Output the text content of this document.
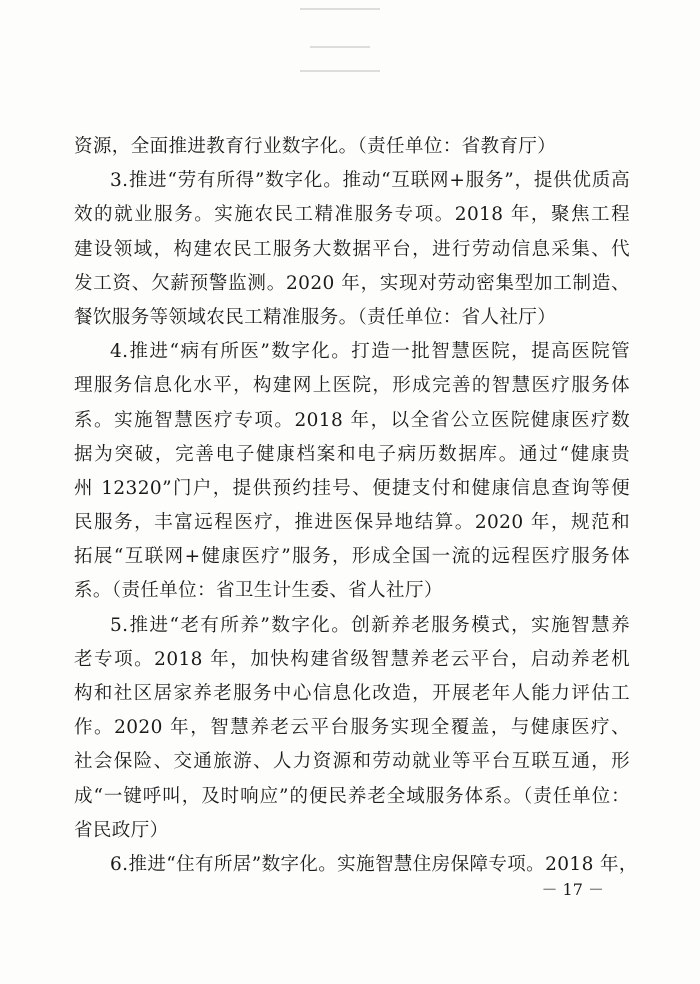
资源，全面推进教育行业数字化。（责任单位：省教育厅）
3.推进“劳有所得”数字化。推动“互联网+服务”，提供优质高
效的就业服务。实施农民工精准服务专项。2018 年，聚焦工程
建设领域，构建农民工服务大数据平台，进行劳动信息采集、代
发工资、欠薪预警监测。2020 年，实现对劳动密集型加工制造、
餐饮服务等领域农民工精准服务。（责任单位：省人社厅）
4.推进“病有所医”数字化。打造一批智慧医院，提高医院管
理服务信息化水平，构建网上医院，形成完善的智慧医疗服务体
系。实施智慧医疗专项。2018 年，以全省公立医院健康医疗数
据为突破，完善电子健康档案和电子病历数据库。通过“健康贵
州 12320”门户，提供预约挂号、便捷支付和健康信息查询等便
民服务，丰富远程医疗，推进医保异地结算。2020 年，规范和
拓展“互联网+健康医疗”服务，形成全国一流的远程医疗服务体
系。（责任单位：省卫生计生委、省人社厅）
5.推进“老有所养”数字化。创新养老服务模式，实施智慧养
老专项。2018 年，加快构建省级智慧养老云平台，启动养老机
构和社区居家养老服务中心信息化改造，开展老年人能力评估工
作。2020 年，智慧养老云平台服务实现全覆盖，与健康医疗、
社会保险、交通旅游、人力资源和劳动就业等平台互联互通，形
成“一键呼叫，及时响应”的便民养老全域服务体系。（责任单位：
省民政厅）
6.推进“住有所居”数字化。实施智慧住房保障专项。2018 年，
－ 17 －
